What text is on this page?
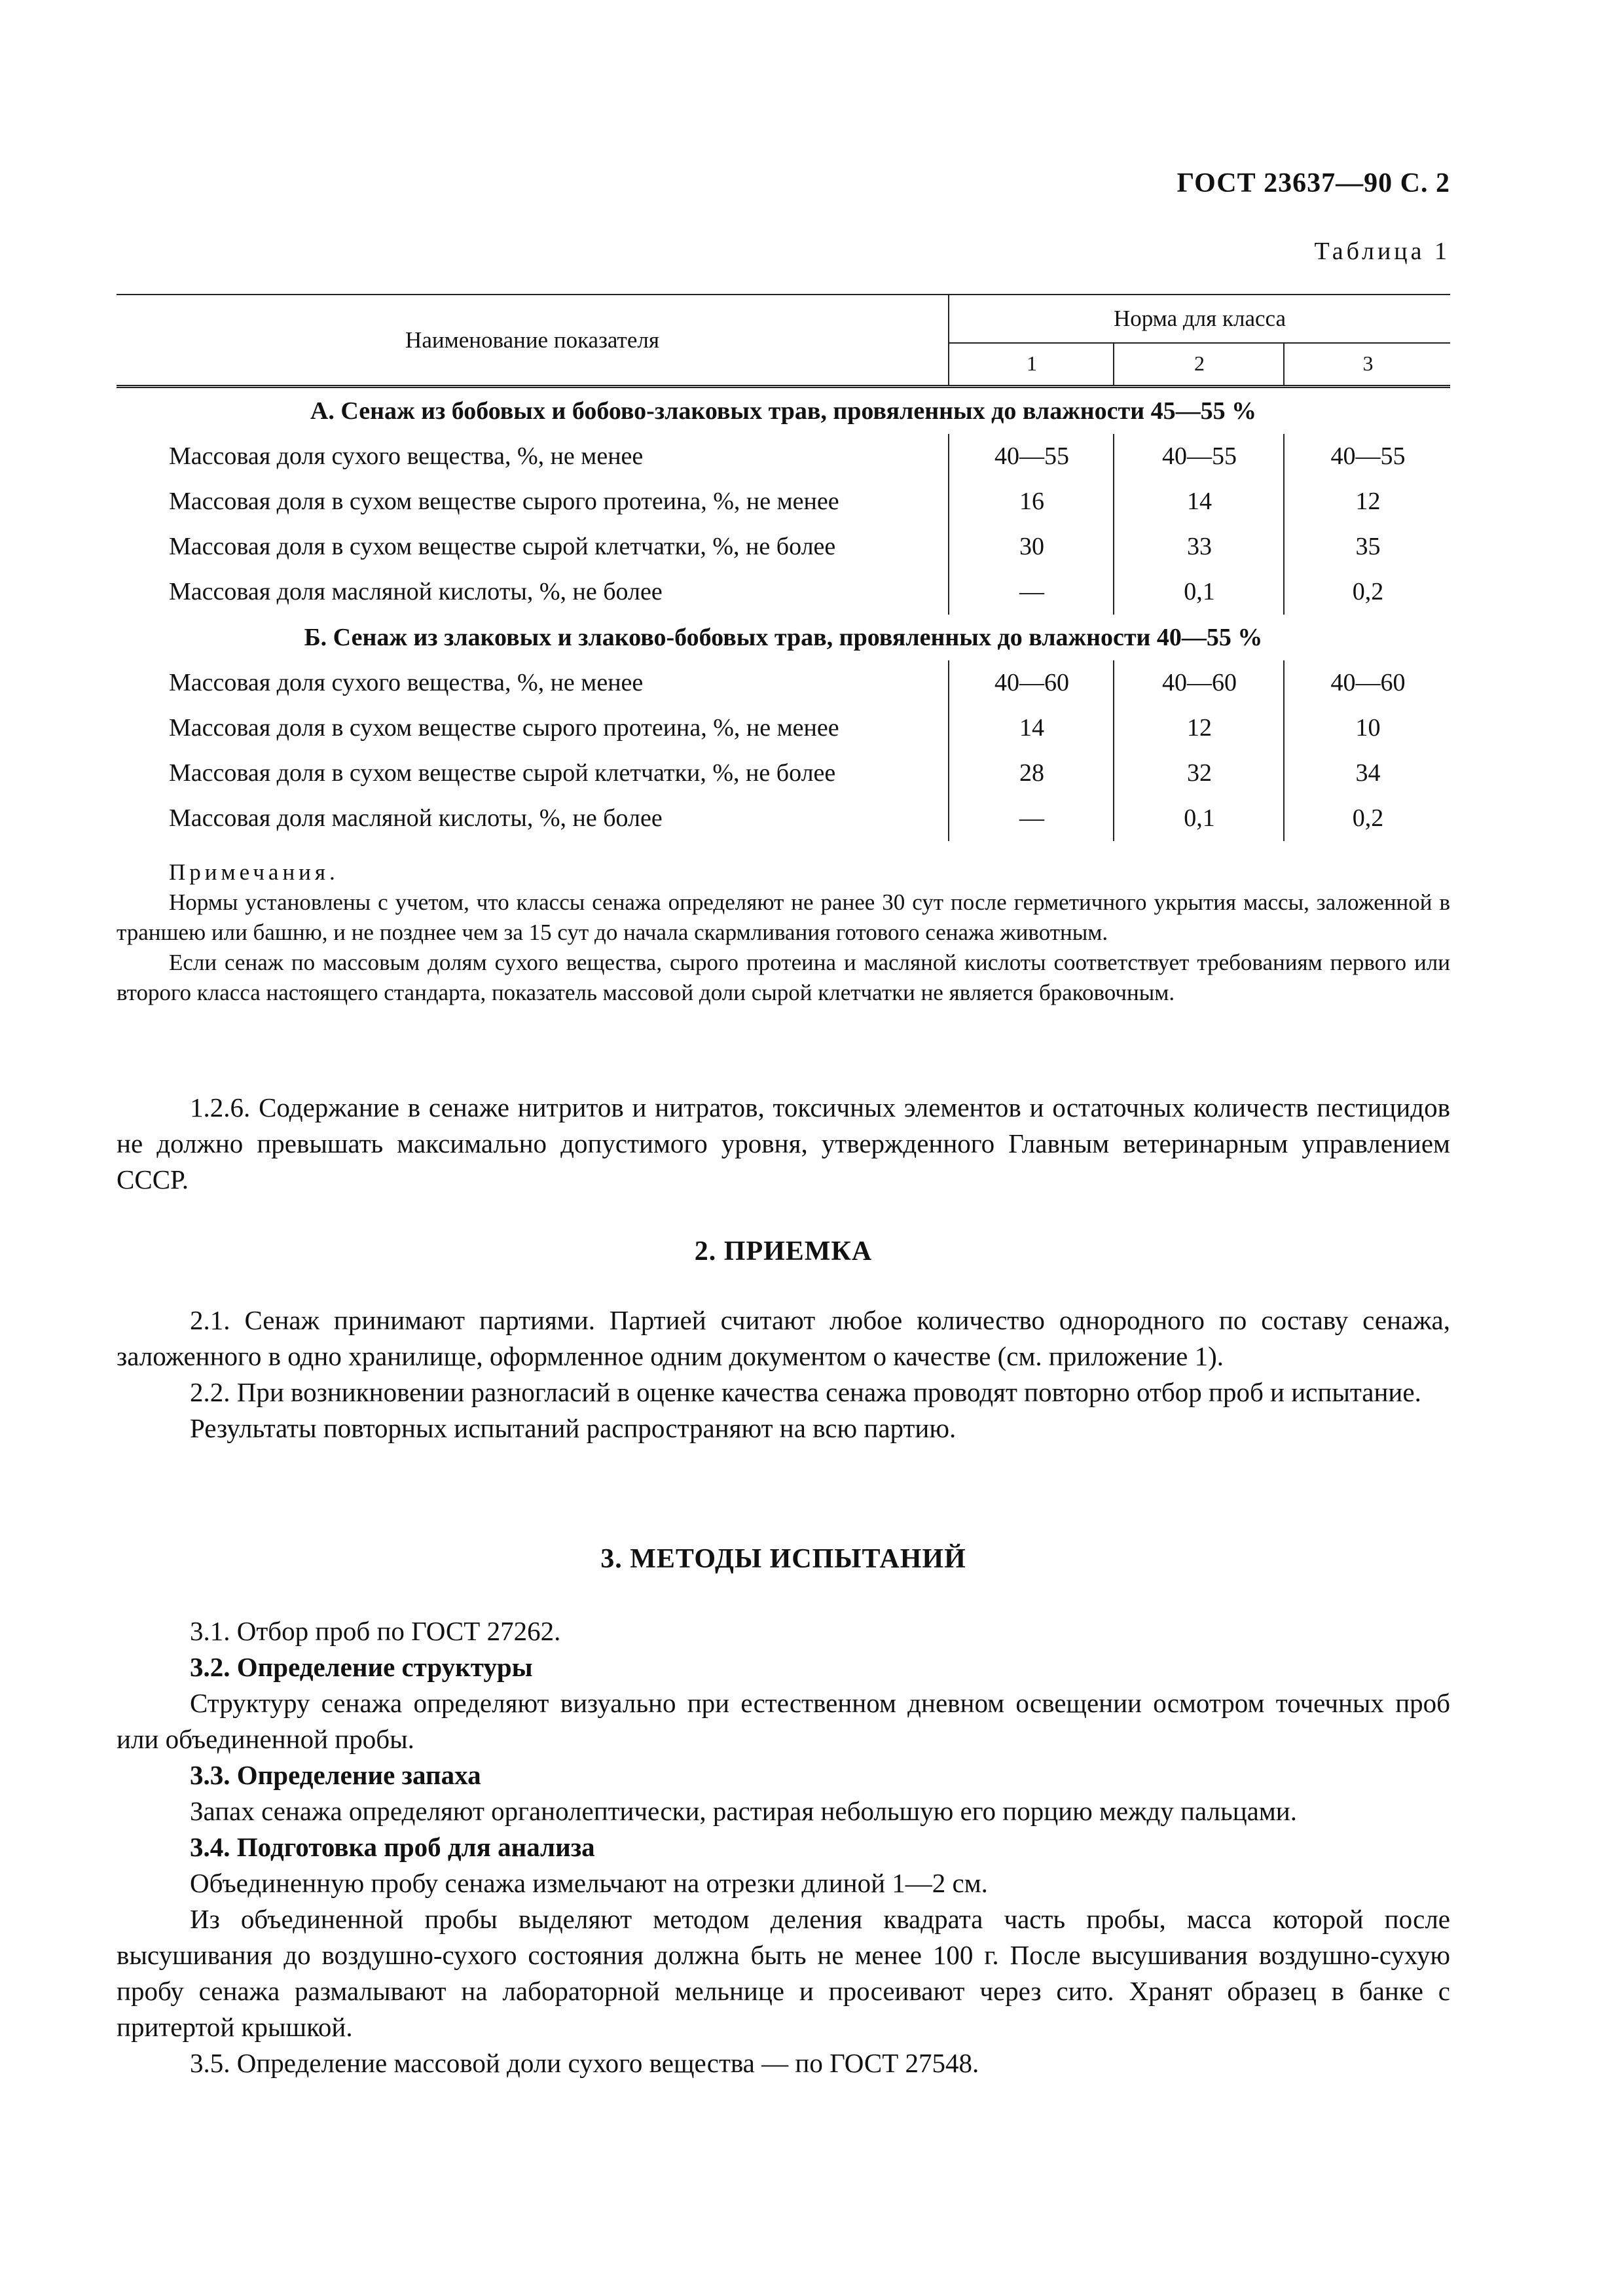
ГОСТ 23637—90 С. 2
Таблица 1
Наименование показателя
Норма для класса
1	2	3
А. Сенаж из бобовых и бобово-злаковых трав, провяленных до влажности 45—55 %
Массовая доля сухого вещества, %, не менее	40—55	40—55	40—55
Массовая доля в сухом веществе сырого протеина, %, не менее	16	14	12
Массовая доля в сухом веществе сырой клетчатки, %, не более	30	33	35
Массовая доля масляной кислоты, %, не более	—	0,1	0,2
Б. Сенаж из злаковых и злаково-бобовых трав, провяленных до влажности 40—55 %
Массовая доля сухого вещества, %, не менее	40—60	40—60	40—60
Массовая доля в сухом веществе сырого протеина, %, не менее	14	12	10
Массовая доля в сухом веществе сырой клетчатки, %, не более	28	32	34
Массовая доля масляной кислоты, %, не более	—	0,1	0,2
Примечания.

Нормы установлены с учетом, что классы сенажа определяют не ранее 30 сут после герметичного укрытия массы, заложенной в траншею или башню, и не позднее чем за 15 сут до начала скармливания готового сенажа животным.

Если сенаж по массовым долям сухого вещества, сырого протеина и масляной кислоты соответствует требованиям первого или второго класса настоящего стандарта, показатель массовой доли сырой клетчатки не является браковочным.

1.2.6. Содержание в сенаже нитритов и нитратов, токсичных элементов и остаточных количеств пестицидов не должно превышать максимально допустимого уровня, утвержденного Главным ветеринарным управлением СССР.

2. ПРИЕМКА

2.1. Сенаж принимают партиями. Партией считают любое количество однородного по составу сенажа, заложенного в одно хранилище, оформленное одним документом о качестве (см. приложение 1).

2.2. При возникновении разногласий в оценке качества сенажа проводят повторно отбор проб и испытание.

Результаты повторных испытаний распространяют на всю партию.

3. МЕТОДЫ ИСПЫТАНИЙ

3.1. Отбор проб по ГОСТ 27262.

3.2. Определение структуры

Структуру сенажа определяют визуально при естественном дневном освещении осмотром точечных проб или объединенной пробы.

3.3. Определение запаха

Запах сенажа определяют органолептически, растирая небольшую его порцию между пальцами.

3.4. Подготовка проб для анализа

Объединенную пробу сенажа измельчают на отрезки длиной 1—2 см.

Из объединенной пробы выделяют методом деления квадрата часть пробы, масса которой после высушивания до воздушно-сухого состояния должна быть не менее 100 г. После высушивания воздушно-сухую пробу сенажа размалывают на лабораторной мельнице и просеивают через сито. Хранят образец в банке с притертой крышкой.

3.5. Определение массовой доли сухого вещества — по ГОСТ 27548.
